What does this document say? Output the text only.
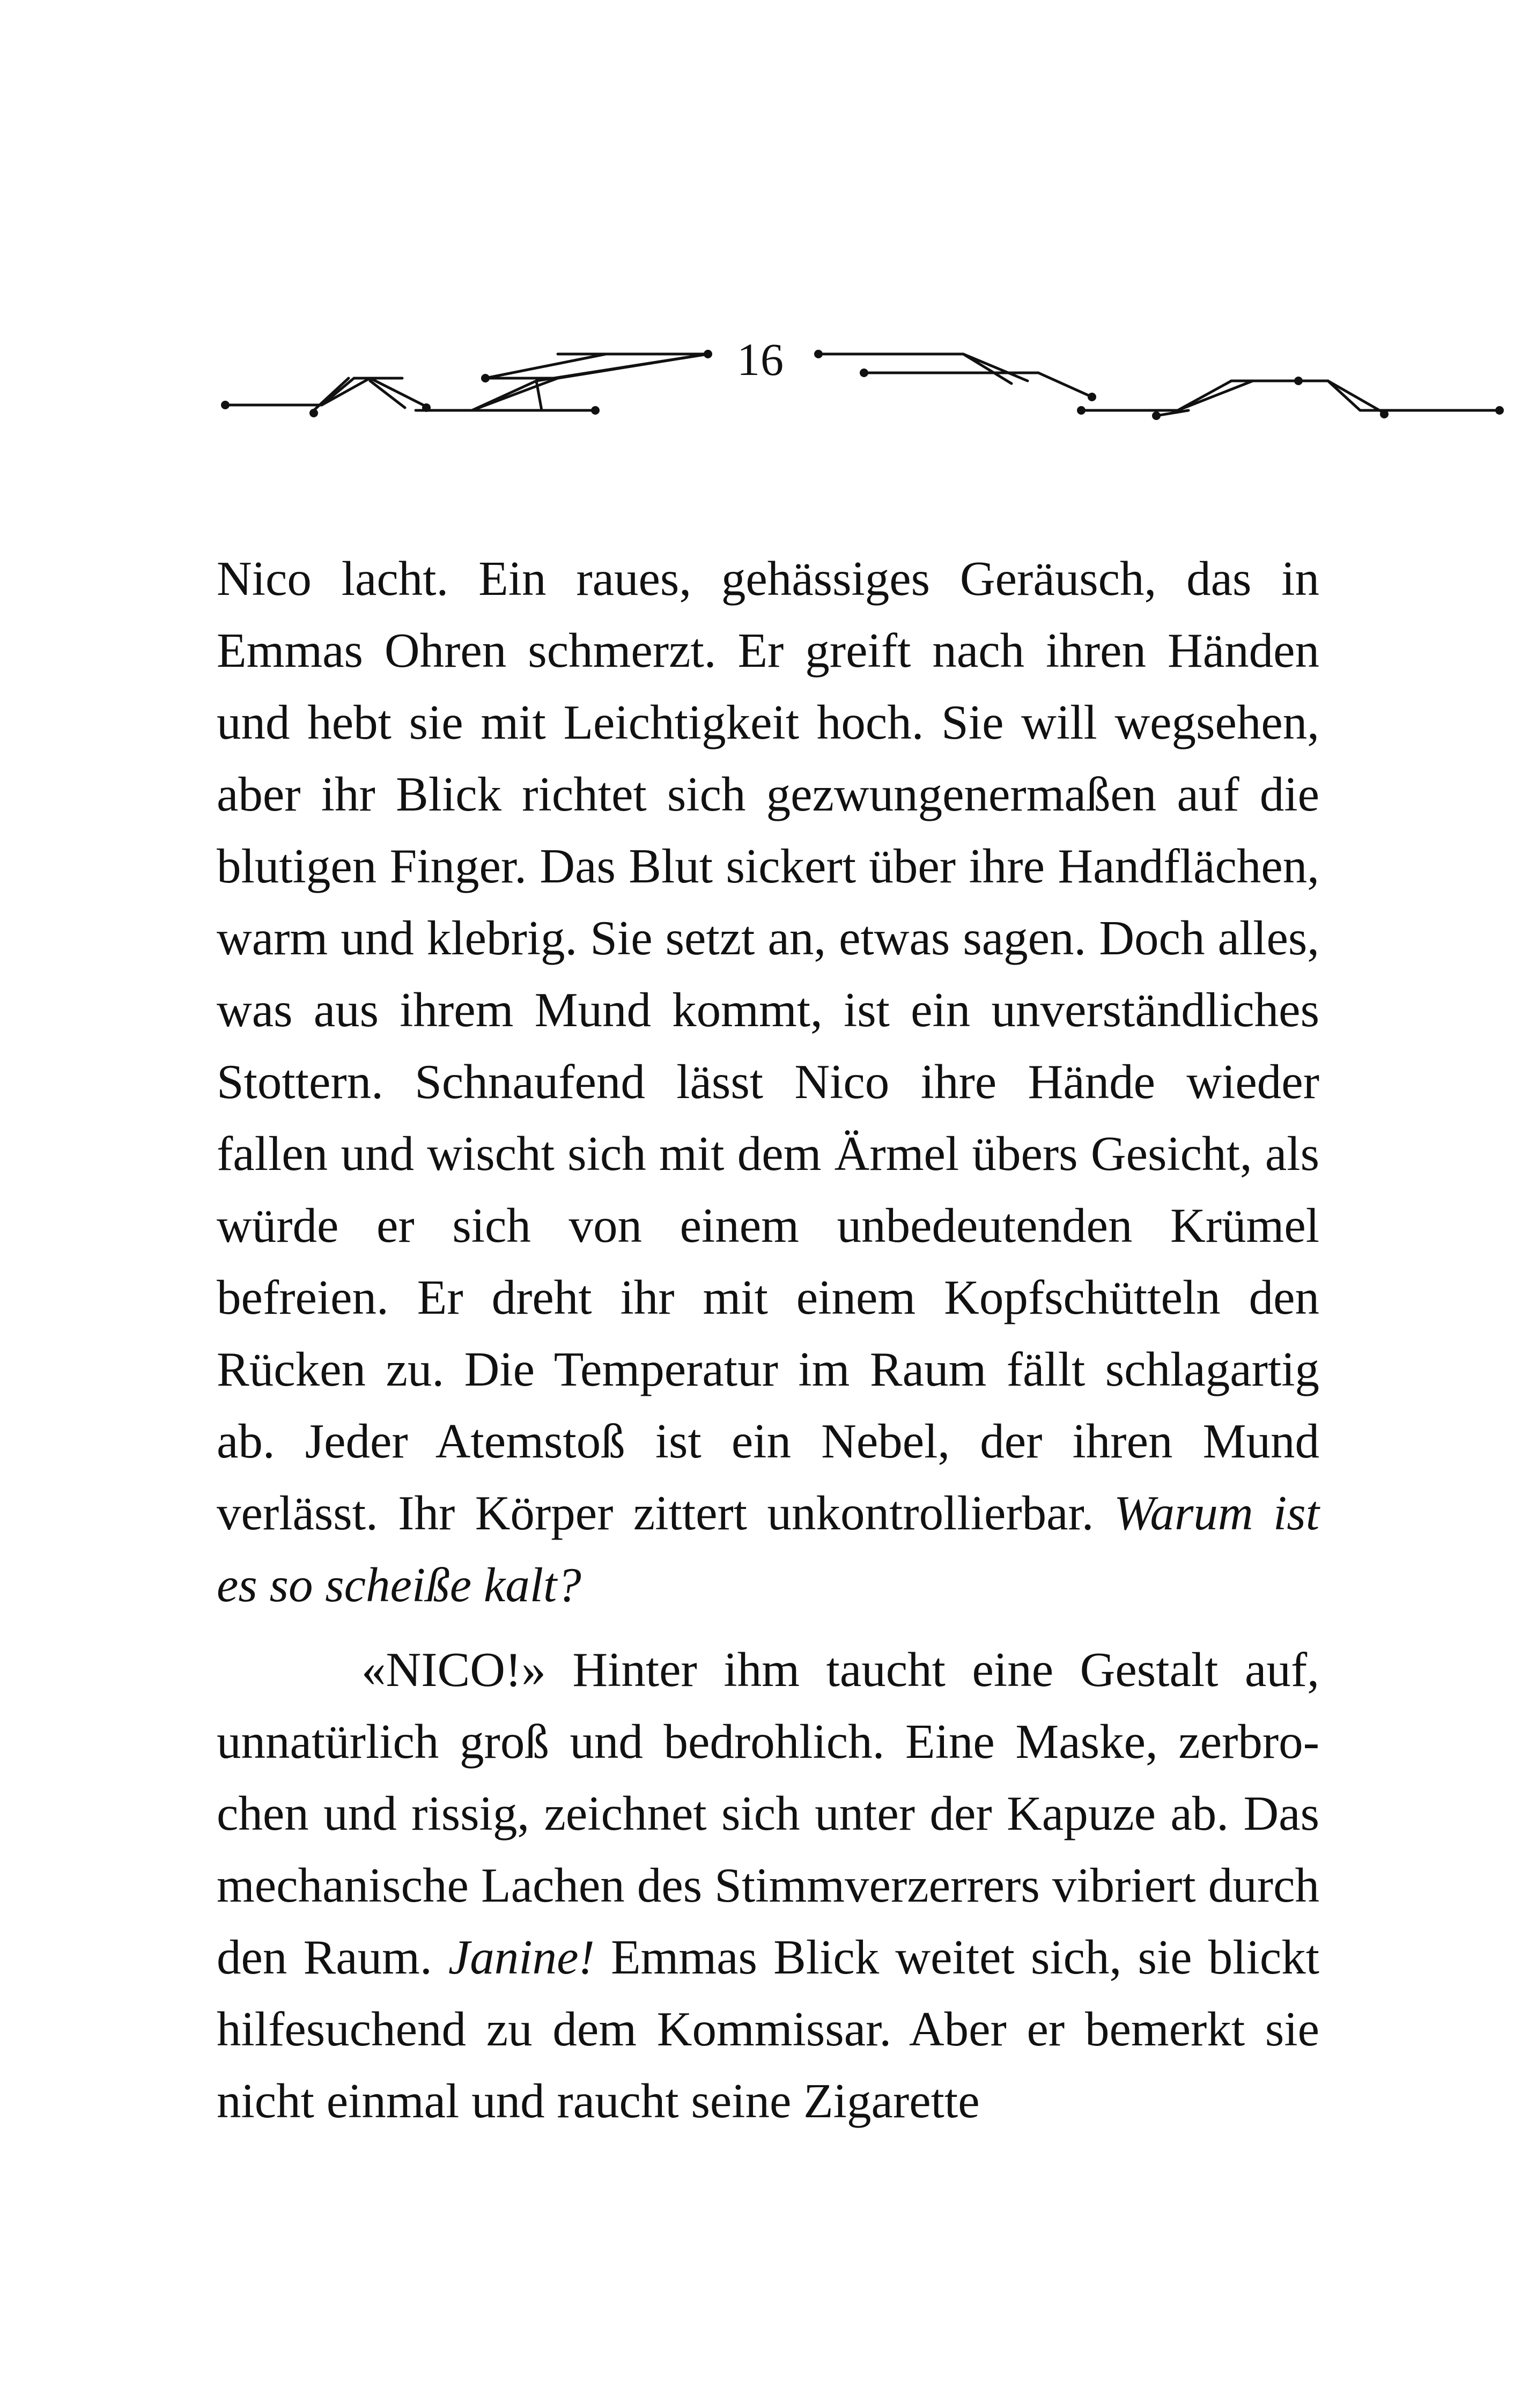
16

Nico lacht. Ein raues, gehässiges Geräusch, das in Emmas Ohren schmerzt. Er greift nach ihren Händen und hebt sie mit Leichtigkeit hoch. Sie will wegsehen, aber ihr Blick richtet sich gezwungenermaßen auf die blutigen Finger. Das Blut sickert über ihre Handflächen, warm und klebrig. Sie setzt an, etwas sagen. Doch alles, was aus ihrem Mund kommt, ist ein unverständliches Stottern. Schnaufend lässt Nico ihre Hände wieder fallen und wischt sich mit dem Ärmel übers Gesicht, als würde er sich von einem unbedeutenden Krümel befreien. Er dreht ihr mit einem Kopfschütteln den Rücken zu. Die Temperatur im Raum fällt schlagartig ab. Jeder Atemstoß ist ein Nebel, der ihren Mund verlässt. Ihr Körper zittert unkontrollierbar. Warum ist es so scheiße kalt?

«NICO!» Hinter ihm taucht eine Gestalt auf, unnatürlich groß und bedrohlich. Eine Maske, zerbrochen und rissig, zeichnet sich unter der Kapuze ab. Das mechanische Lachen des Stimmverzerrers vibriert durch den Raum. Janine! Emmas Blick weitet sich, sie blickt hilfesuchend zu dem Kommissar. Aber er bemerkt sie nicht einmal und raucht seine Zigarette
